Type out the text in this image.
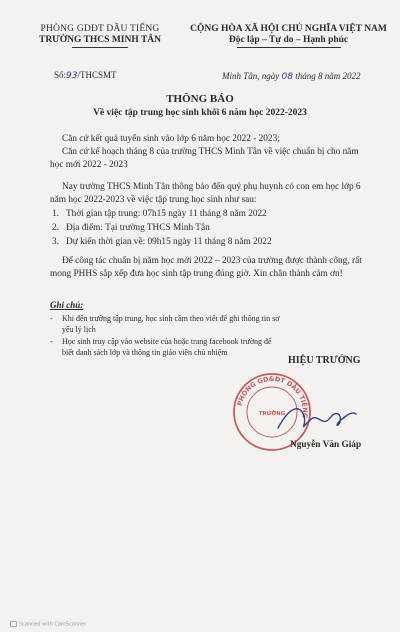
PHÒNG GDĐT DẦU TIẾNG
TRƯỜNG THCS MINH TÂN
CỘNG HÒA XÃ HỘI CHỦ NGHĨA VIỆT NAM
Độc lập – Tự do – Hạnh phúc
Số:93/THCSMT	Minh Tân, ngày 08 tháng 8 năm 2022
THÔNG BÁO
Về việc tập trung học sinh khối 6 năm học 2022-2023
Căn cứ kết quả tuyển sinh vào lớp 6 năm học 2022 - 2023;
Căn cứ kế hoạch tháng 8 của trường THCS Minh Tân về việc chuẩn bị cho năm học mới 2022 - 2023
Nay trường THCS Minh Tân thông báo đến quý phụ huynh có con em học lớp 6 năm học 2022-2023 về việc tập trung học sinh như sau:
1. Thời gian tập trung: 07h15 ngày 11 tháng 8 năm 2022
2. Địa điểm: Tại trường THCS Minh Tân
3. Dự kiến thời gian về: 09h15 ngày 11 tháng 8 năm 2022
Để công tác chuẩn bị năm học mới 2022 – 2023 của trường được thành công, rất mong PHHS sắp xếp đưa học sinh tập trung đúng giờ. Xin chân thành cảm ơn!
Ghi chú:
-	Khi đến trường tập trung, học sinh cầm theo viết để ghi thông tin sơ yếu lý lịch
-	Học sinh truy cập vào website của hoặc trang facebook trường để biết danh sách lớp và thông tin giáo viên chủ nhiệm
HIỆU TRƯỞNG
PHÒNG GD&ĐT DẦU TIẾNG
TRƯỜNG
Nguyễn Văn Giáp
Scanned with CamScanner
